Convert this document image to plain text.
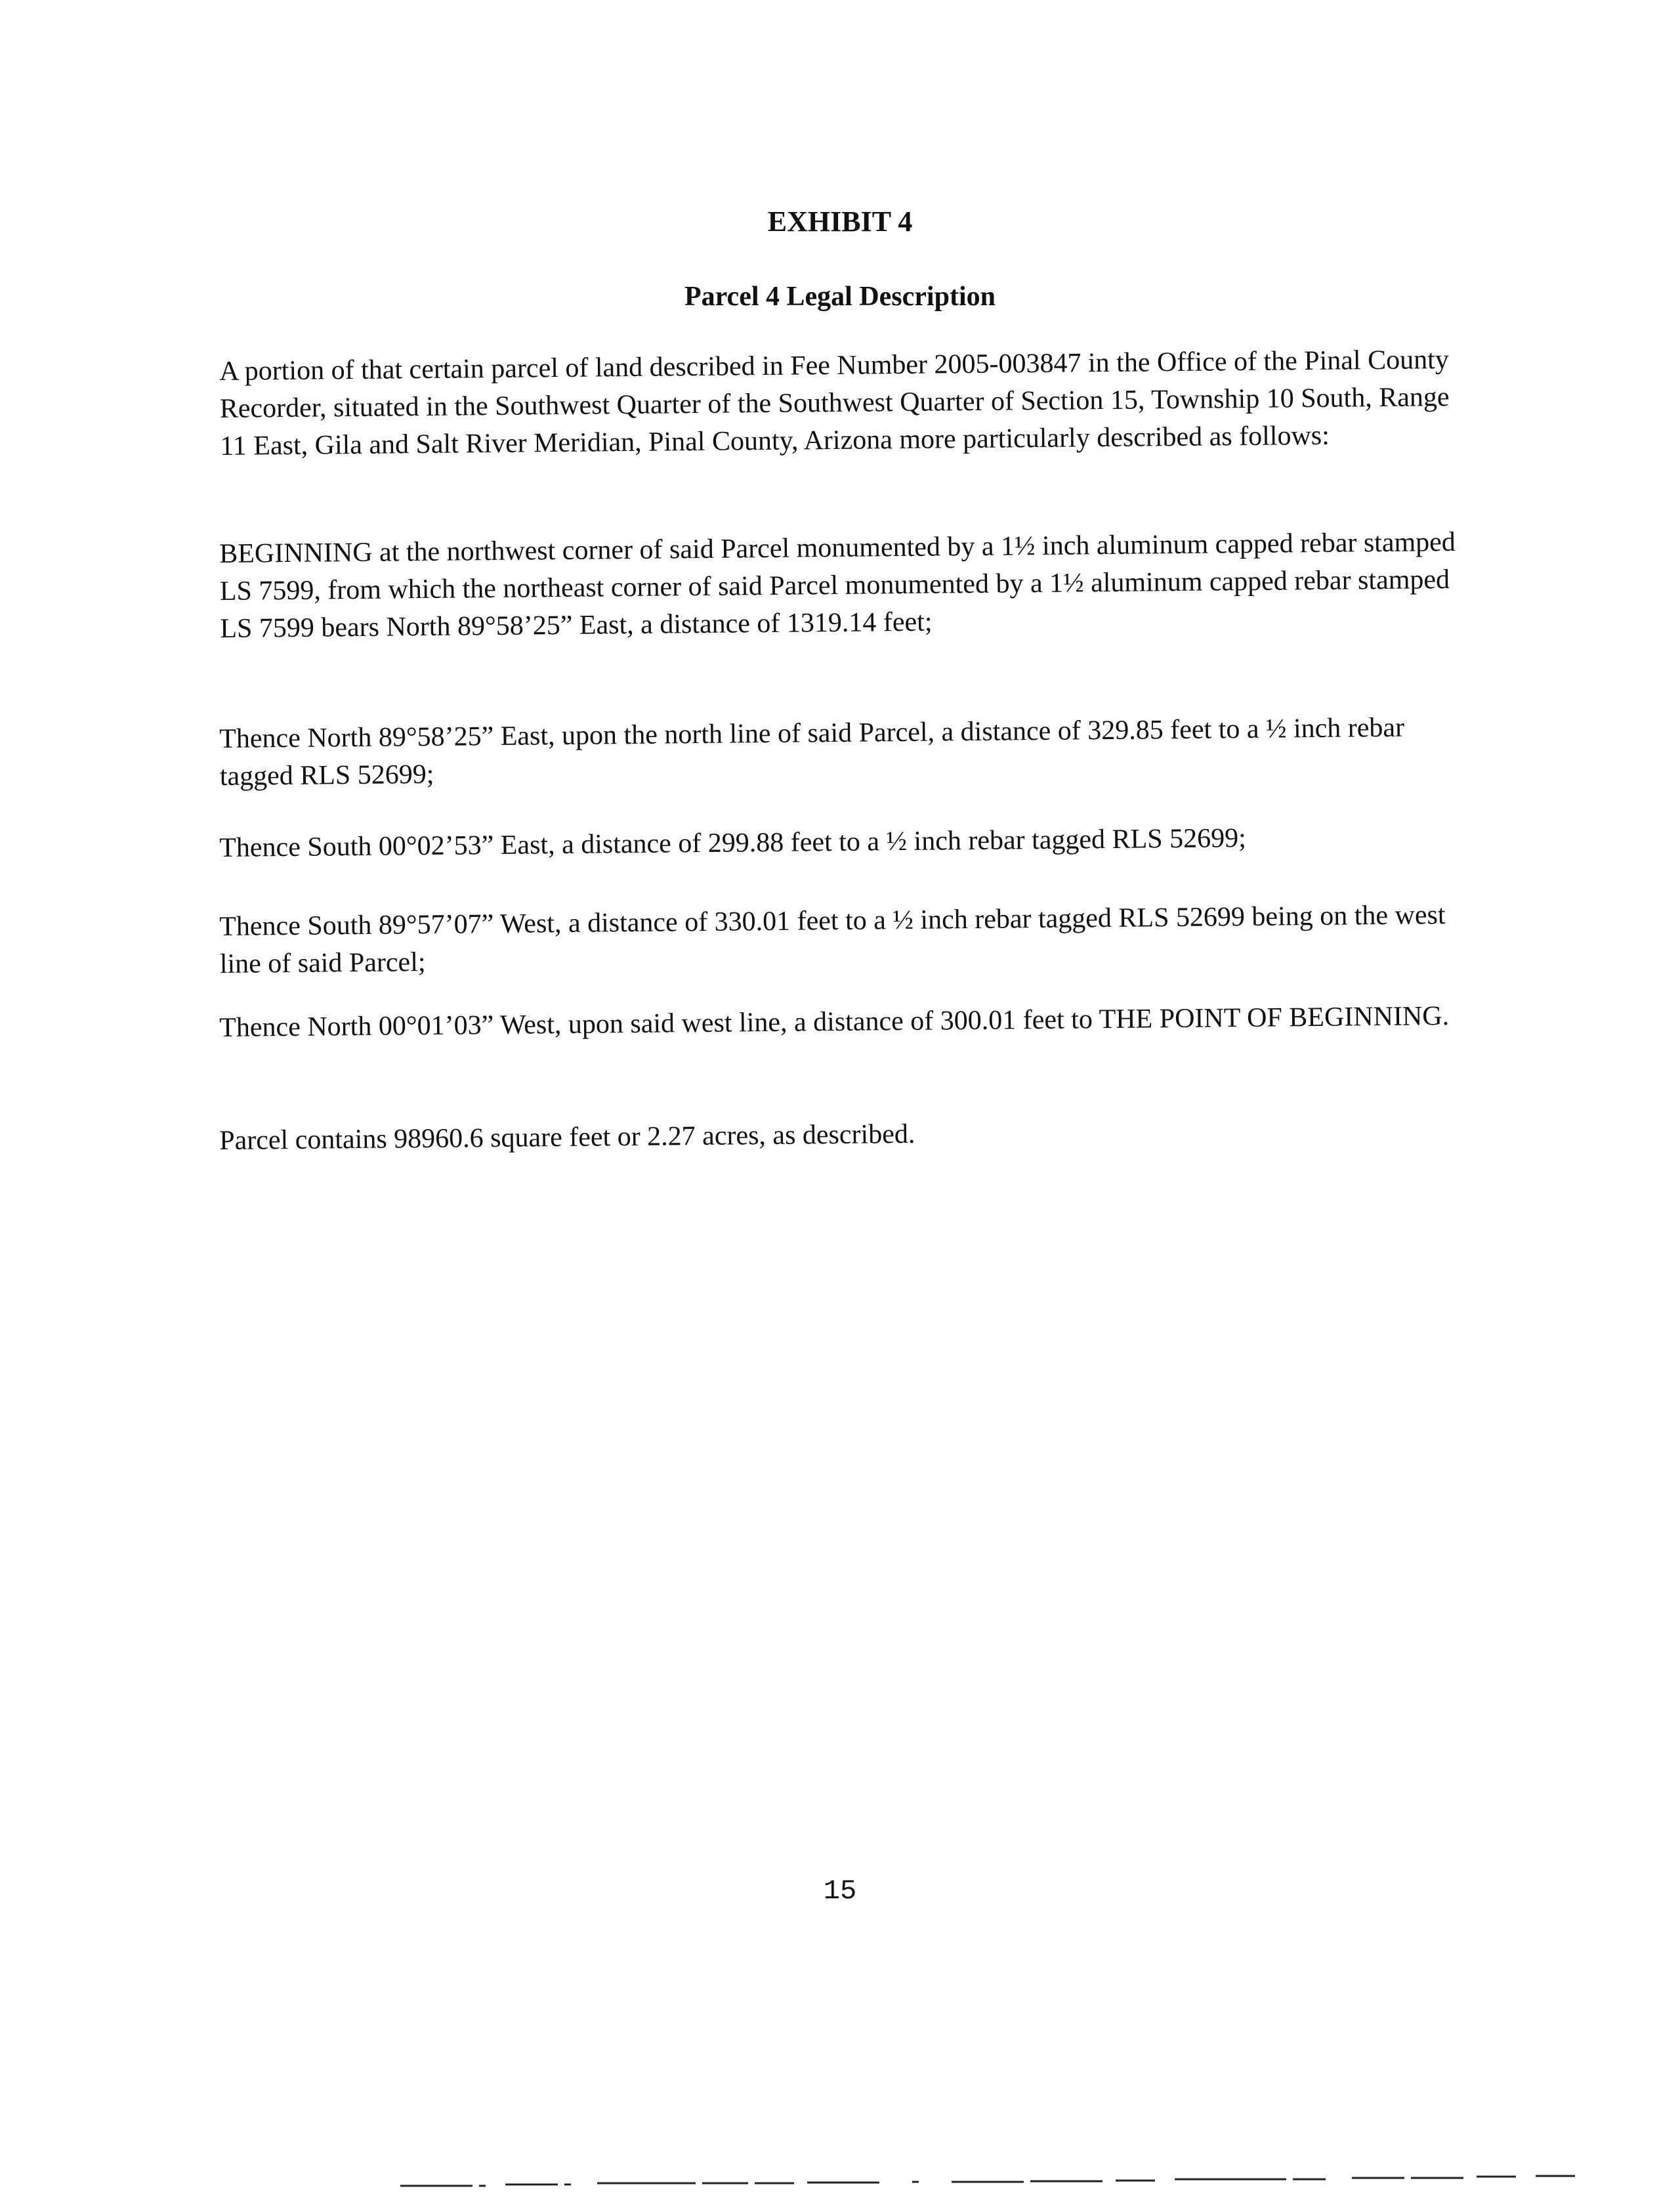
EXHIBIT 4
Parcel 4 Legal Description

A portion of that certain parcel of land described in Fee Number 2005-003847 in the Office of the Pinal County Recorder, situated in the Southwest Quarter of the Southwest Quarter of Section 15, Township 10 South, Range 11 East, Gila and Salt River Meridian, Pinal County, Arizona more particularly described as follows:

BEGINNING at the northwest corner of said Parcel monumented by a 1½ inch aluminum capped rebar stamped LS 7599, from which the northeast corner of said Parcel monumented by a 1½ aluminum capped rebar stamped LS 7599 bears North 89°58’25” East, a distance of 1319.14 feet;

Thence North 89°58’25” East, upon the north line of said Parcel, a distance of 329.85 feet to a ½ inch rebar tagged RLS 52699;

Thence South 00°02’53” East, a distance of 299.88 feet to a ½ inch rebar tagged RLS 52699;

Thence South 89°57’07” West, a distance of 330.01 feet to a ½ inch rebar tagged RLS 52699 being on the west line of said Parcel;

Thence North 00°01’03” West, upon said west line, a distance of 300.01 feet to THE POINT OF BEGINNING.

Parcel contains 98960.6 square feet or 2.27 acres, as described.

15
